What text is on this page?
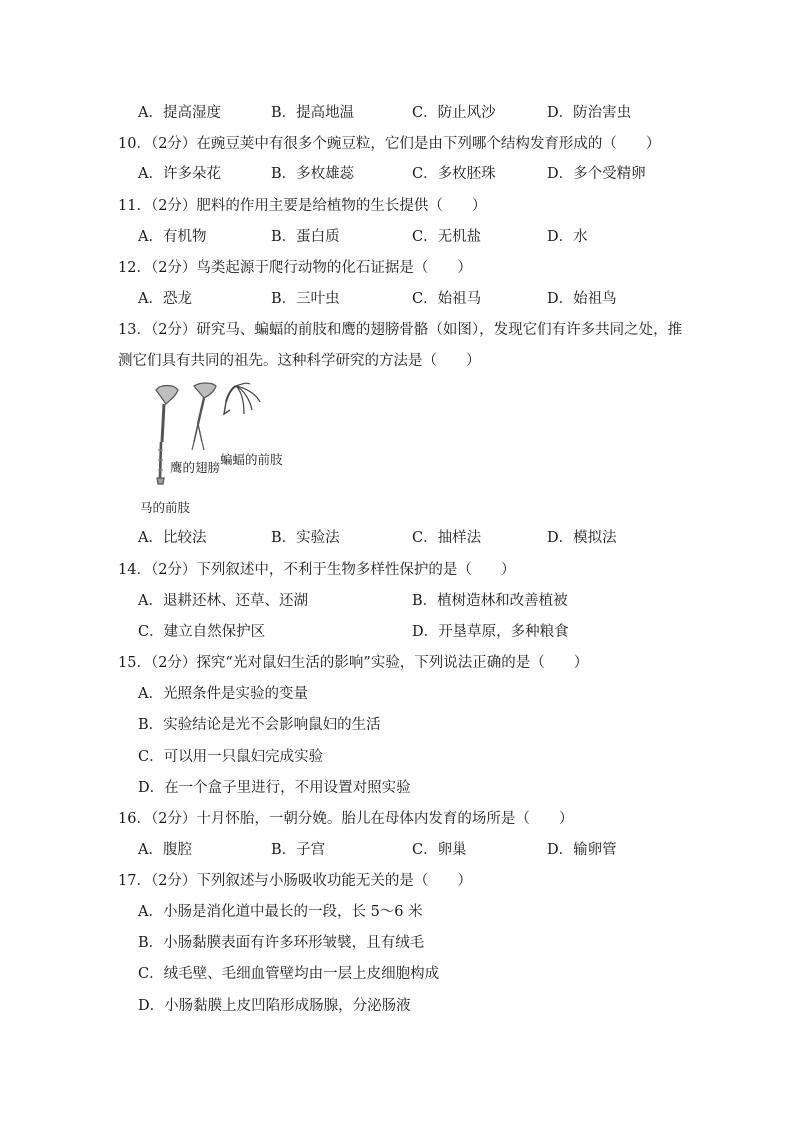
A．提高湿度	B．提高地温	C．防止风沙	D．防治害虫
10．（2分）在豌豆荚中有很多个豌豆粒，它们是由下列哪个结构发育形成的（　　）
A．许多朵花	B．多枚雄蕊	C．多枚胚珠	D．多个受精卵
11．（2分）肥料的作用主要是给植物的生长提供（　　）
A．有机物	B．蛋白质	C．无机盐	D．水
12．（2分）鸟类起源于爬行动物的化石证据是（　　）
A．恐龙	B．三叶虫	C．始祖马	D．始祖鸟
13．（2分）研究马、蝙蝠的前肢和鹰的翅膀骨骼（如图），发现它们有许多共同之处，推
测它们具有共同的祖先。这种科学研究的方法是（　　）
蝙蝠的前肢
鹰的翅膀
马的前肢
A．比较法	B．实验法	C．抽样法	D．模拟法
14．（2分）下列叙述中，不利于生物多样性保护的是（　　）
A．退耕还林、还草、还湖	B．植树造林和改善植被
C．建立自然保护区	D．开垦草原，多种粮食
15．（2分）探究“光对鼠妇生活的影响”实验，下列说法正确的是（　　）
A．光照条件是实验的变量
B．实验结论是光不会影响鼠妇的生活
C．可以用一只鼠妇完成实验
D．在一个盒子里进行，不用设置对照实验
16．（2分）十月怀胎，一朝分娩。胎儿在母体内发育的场所是（　　）
A．腹腔	B．子宫	C．卵巢	D．输卵管
17．（2分）下列叙述与小肠吸收功能无关的是（　　）
A．小肠是消化道中最长的一段，长 5～6 米
B．小肠黏膜表面有许多环形皱襞，且有绒毛
C．绒毛壁、毛细血管壁均由一层上皮细胞构成
D．小肠黏膜上皮凹陷形成肠腺，分泌肠液
